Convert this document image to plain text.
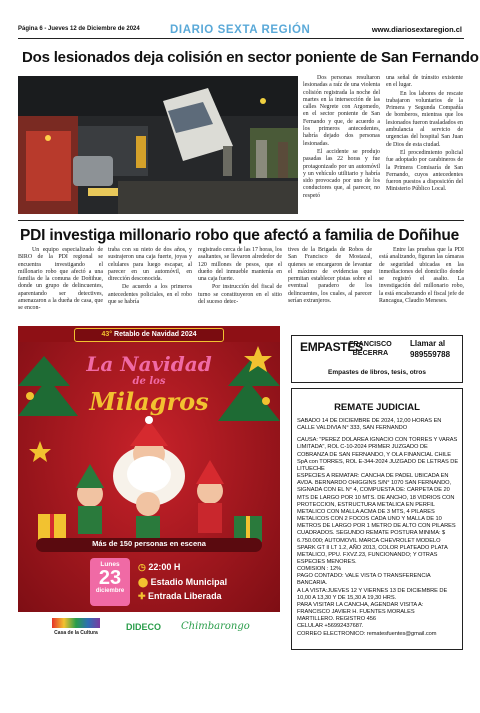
Página 6 - Jueves 12 de Diciembre de 2024	DIARIO SEXTA REGIÓN	www.diariosextaregion.cl
Dos lesionados deja colisión en sector poniente de San Fernando

Dos personas resultaron lesionadas a raíz de una violenta colisión registrada la noche del martes en la intersección de las calles Negrete con Argomedo, en el sector poniente de San Fernando y que, de acuerdo a los primeros antecedentes, habría dejado dos personas lesionadas.

El accidente se produjo pasadas las 22 horas y fue protagonizado por un automóvil y un vehículo utilitario y habría sido provocado por uno de los conductores que, al parecer, no respetó

una señal de tránsito existente en el lugar.

En los labores de rescate trabajaron voluntarios de la Primera y Segunda Compañía de bomberos, mientras que los lesionados fueron trasladados en ambulancia al servicio de urgencias del hospital San Juan de Dios de esta ciudad.

El procedimiento policial fue adoptado por carabineros de la Primera Comisaría de San Fernando, cuyos antecedentes fueron puestos a disposición del Ministerio Público Local.

PDI investiga millonario robo que afectó a familia de Doñihue

Un equipo especializado de BIRO de la PDI regional se encuentra investigando el millonario robo que afectó a una familia de la comuna de Doñihue, donde un grupo de delincuentes, aparentando ser detectives, amenazaron a la dueña de casa, que se encon-

traba con su nieto de dos años, y sustrajeron una caja fuerte, joyas y celulares para luego escapar, al parecer en un automóvil, en dirección desconocida.

De acuerdo a los primeros antecedentes policiales, en el robo que se habría

registrado cerca de las 17 horas, los asaltantes, se llevaron alrededor de 120 millones de pesos, que el dueño del inmueble mantenía en una caja fuerte.

Por instrucción del fiscal de turno se constituyeron en el sitio del suceso detec-

tives de la Brigada de Robos de San Francisco de Mostazal, quienes se encargaron de levantar el máximo de evidencias que permitan establecer pistas sobre el eventual paradero de los delincuentes, los cuales, al parecer serían extranjeros.

Entre las pruebas que la PDI está analizando, figuran las cámaras de seguridad ubicadas en las inmediaciones del domicilio donde se registró el asalto. La investigación del millonario robo, la está encabezando el fiscal jefe de Rancagua, Claudio Meneses.

43° Retablo de Navidad 2024
La Navidad
de los
Milagros
Más de 150 personas en escena
Lunes
23
diciembre
◷ 22:00 H
⬤ Estadio Municipal
✚ Entrada Liberada
Casa de la Cultura
DIDECO Chimbarongo
EMPASTES
FRANCISCO
BECERRA
Llamar al
989559788
Empastes de libros, tesis, otros
REMATE JUDICIAL
SABADO 14 DE DICIEMBRE DE 2024, 12,00 HORAS EN CALLE VALDIVIA N° 333, SAN FERNANDO
CAUSA: "PEREZ DOLAREA IGNACIO CON TORRES Y VARAS LIMITADA", ROL C-10-2024 PRIMER JUZGADO DE COBRANZA DE SAN FERNANDO, Y OLA FINANCIAL CHILE SpA con TORRES, ROL E-344-2024 JUZGADO DE LETRAS DE LITUECHE
ESPECIES A REMATAR: CANCHA DE PADEL UBICADA EN AVDA. BERNARDO OHIGGINS S/N° 1070 SAN FERNANDO, SIGNADA CON EL N° 4, COMPUESTA DE: CARPETA DE 20 MTS DE LARGO POR 10 MTS. DE ANCHO, 18 VIDRIOS CON PROTECCION, ESTRUCTURA METALICA EN PERFIL METALICO CON MALLA ACMA DE 3 MTS, 4 PILARES METALICOS CON 2 FOCOS CADA UNO Y MALLA DE 10 METROS DE LARGO POR 1 METRO DE ALTO CON PILARES CUADRADOS. SEGUNDO REMATE POSTURA MINIMA: $ 6.750.000; AUTOMOVIL MARCA CHEVROLET MODELO SPARK GT II LT 1.2, AÑO 2013, COLOR PLATEADO PLATA METALICO, PPU. FXVZ.23, FUNCIONANDO; Y OTRAS ESPECIES MENORES.
COMISION : 12%
PAGO CONTADO: VALE VISTA O TRANSFERENCIA BANCARIA.
A LA VISTA:JUEVES 12 Y VIERNES 13 DE DICIEMBRE DE 10,00 A 13,30 Y DE 15,30 A 19,30 HRS.
PARA VISITAR LA CANCHA, AGENDAR VISITA A:
FRANCISCO JAVIER H. FUENTES MORALES
MARTILLERO. REGISTRO 456
CELULAR +56992437687.
CORREO ELECTRONICO: rematesfuentes@gmail.com
